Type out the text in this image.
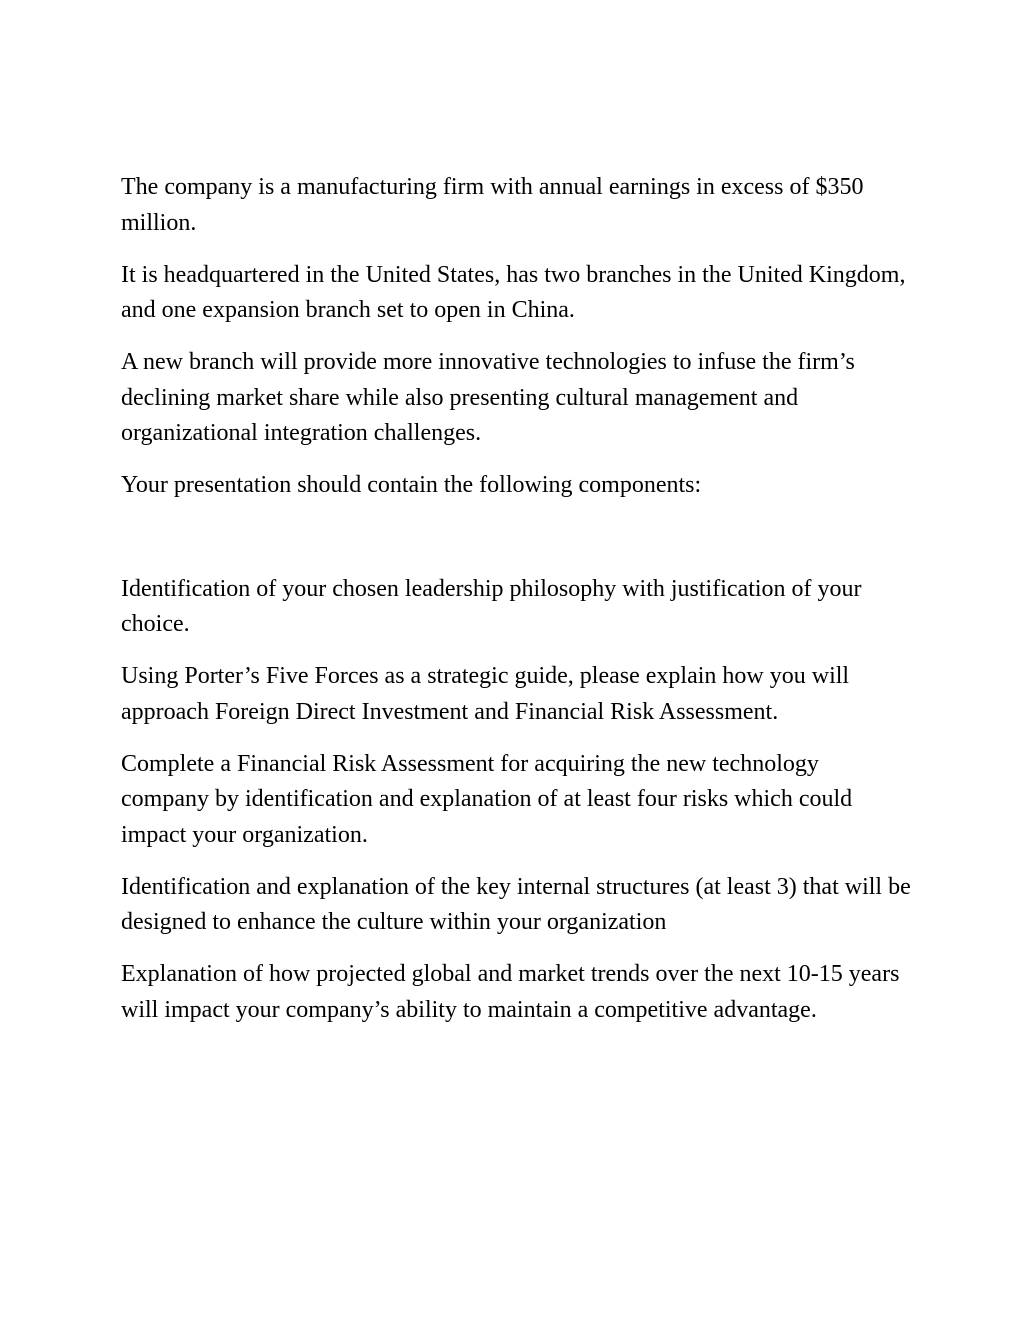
The company is a manufacturing firm with annual earnings in excess of $350 million.

It is headquartered in the United States, has two branches in the United Kingdom, and one expansion branch set to open in China.

A new branch will provide more innovative technologies to infuse the firm’s declining market share while also presenting cultural management and organizational integration challenges.

Your presentation should contain the following components:

Identification of your chosen leadership philosophy with justification of your choice.

Using Porter’s Five Forces as a strategic guide, please explain how you will approach Foreign Direct Investment and Financial Risk Assessment.

Complete a Financial Risk Assessment for acquiring the new technology company by identification and explanation of at least four risks which could impact your organization.

Identification and explanation of the key internal structures (at least 3) that will be designed to enhance the culture within your organization

Explanation of how projected global and market trends over the next 10-15 years will impact your company’s ability to maintain a competitive advantage.
